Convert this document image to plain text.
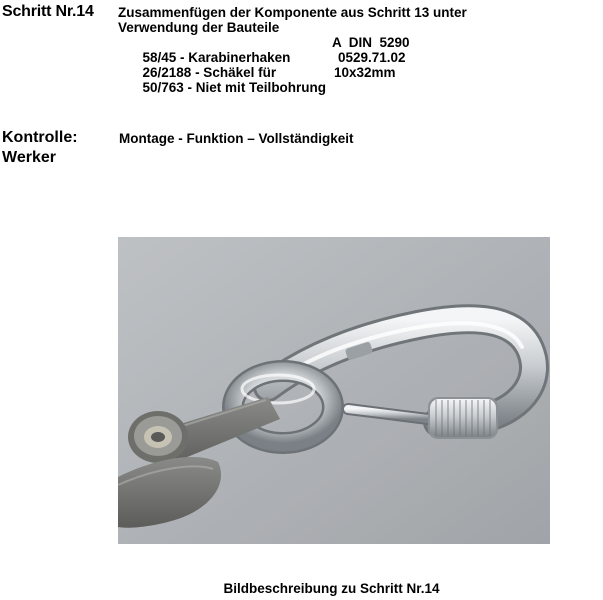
Schritt Nr.14 Zusammenfügen der Komponente aus Schritt 13 unter
Verwendung der Bauteile

58/45 - Karabinerhaken

A  DIN  5290

26/2188 - Schäkel für

0529.71.02

50/763 - Niet mit Teilbohrung

10x32mm

Kontrolle:
Werker
Montage - Funktion – Vollständigkeit
Bildbeschreibung zu Schritt Nr.14
